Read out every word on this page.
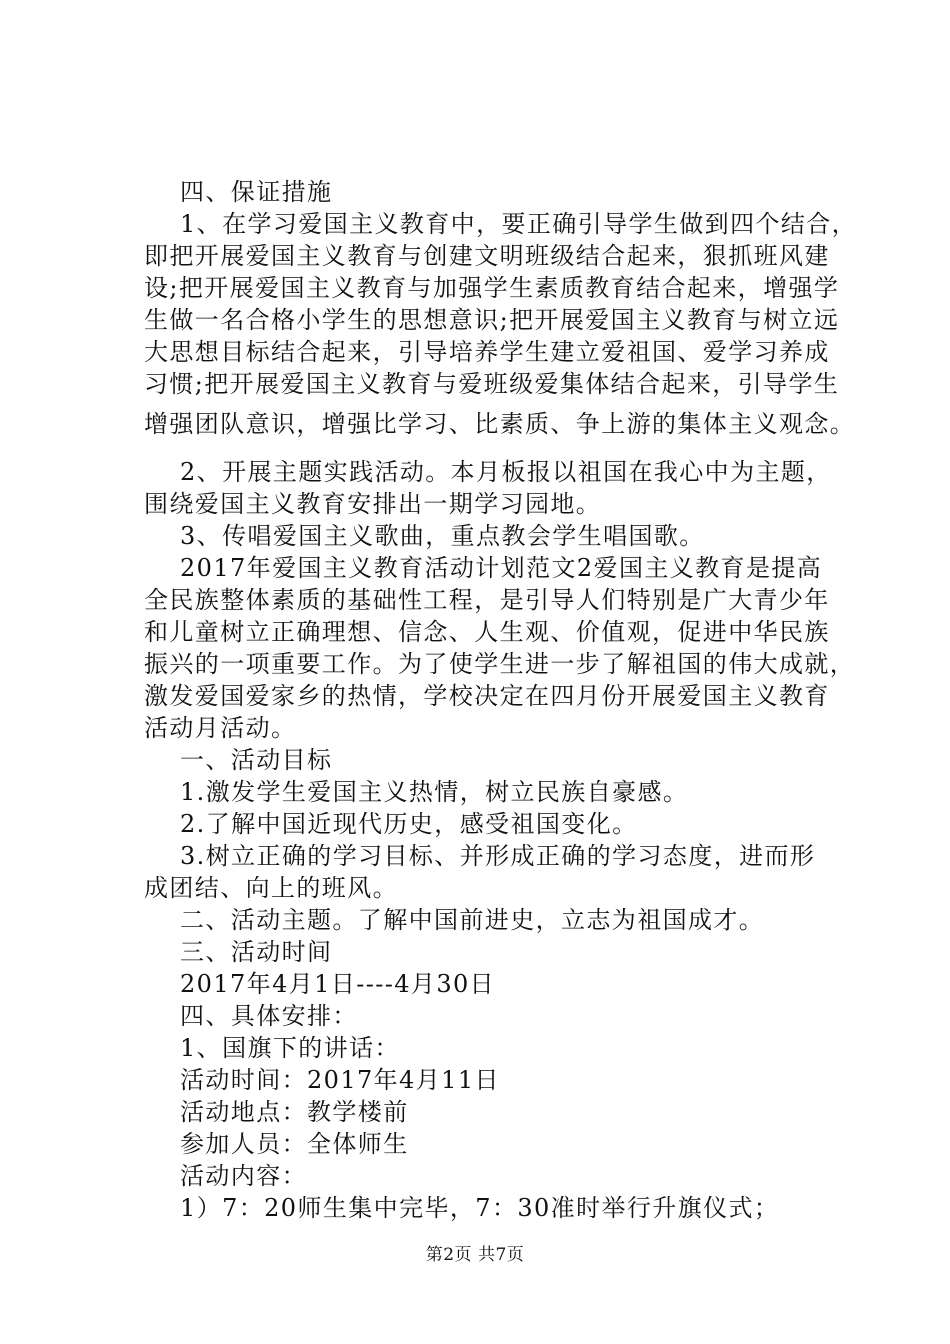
四、保证措施
1、在学习爱国主义教育中，要正确引导学生做到四个结合，
即把开展爱国主义教育与创建文明班级结合起来，狠抓班风建
设;把开展爱国主义教育与加强学生素质教育结合起来，增强学
生做一名合格小学生的思想意识;把开展爱国主义教育与树立远
大思想目标结合起来，引导培养学生建立爱祖国、爱学习养成
习惯;把开展爱国主义教育与爱班级爱集体结合起来，引导学生
增强团队意识，增强比学习、比素质、争上游的集体主义观念。
2、开展主题实践活动。本月板报以祖国在我心中为主题，
围绕爱国主义教育安排出一期学习园地。
3、传唱爱国主义歌曲，重点教会学生唱国歌。
2017年爱国主义教育活动计划范文2爱国主义教育是提高
全民族整体素质的基础性工程，是引导人们特别是广大青少年
和儿童树立正确理想、信念、人生观、价值观，促进中华民族
振兴的一项重要工作。为了使学生进一步了解祖国的伟大成就，
激发爱国爱家乡的热情，学校决定在四月份开展爱国主义教育
活动月活动。
一、活动目标
1.激发学生爱国主义热情，树立民族自豪感。
2.了解中国近现代历史，感受祖国变化。
3.树立正确的学习目标、并形成正确的学习态度，进而形
成团结、向上的班风。
二、活动主题。了解中国前进史，立志为祖国成才。
三、活动时间
2017年4月1日----4月30日
四、具体安排：
1、国旗下的讲话：
活动时间：2017年4月11日
活动地点：教学楼前
参加人员：全体师生
活动内容：
1）7：20师生集中完毕，7：30准时举行升旗仪式；
第2页 共7页
